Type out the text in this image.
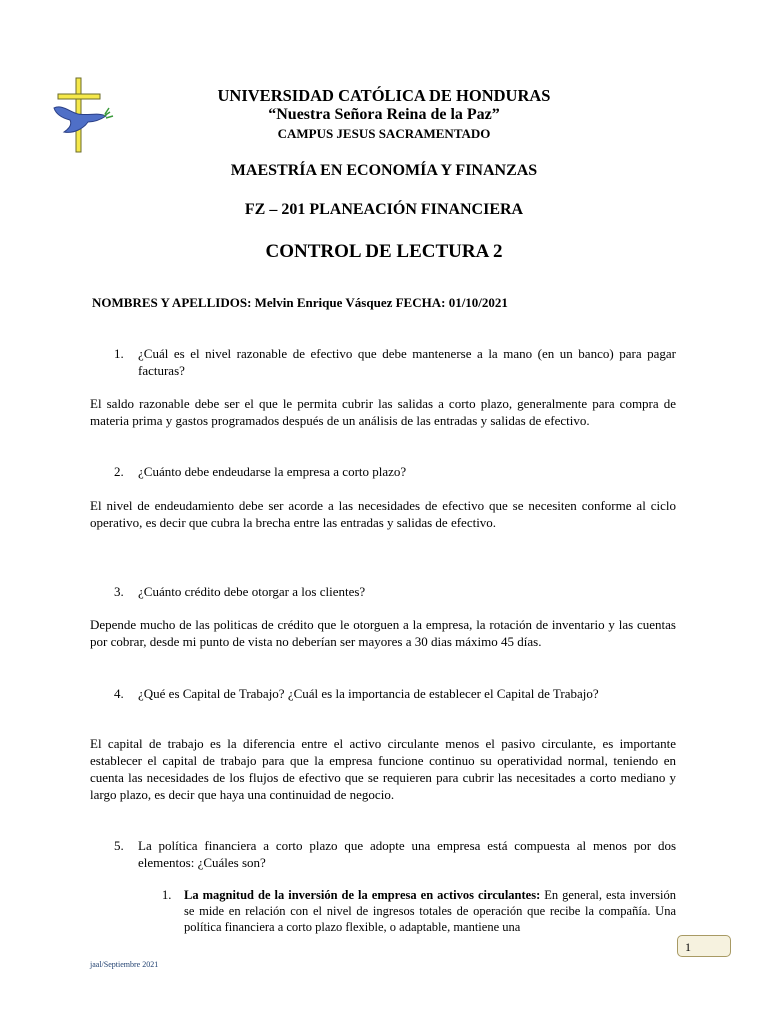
UNIVERSIDAD CATÓLICA DE HONDURAS
“Nuestra Señora Reina de la Paz”
CAMPUS JESUS SACRAMENTADO
MAESTRÍA EN ECONOMÍA Y FINANZAS
FZ – 201 PLANEACIÓN FINANCIERA
CONTROL DE LECTURA 2
NOMBRES Y APELLIDOS: Melvin Enrique Vásquez FECHA: 01/10/2021
1. ¿Cuál es el nivel razonable de efectivo que debe mantenerse a la mano (en un banco) para pagar facturas?
El saldo razonable debe ser el que le permita cubrir las salidas a corto plazo, generalmente para compra de materia prima y gastos programados después de un análisis de las entradas y salidas de efectivo.
2. ¿Cuánto debe endeudarse la empresa a corto plazo?
El nivel de endeudamiento debe ser acorde a las necesidades de efectivo que se necesiten conforme al ciclo operativo, es decir que cubra la brecha entre las entradas y salidas de efectivo.
3. ¿Cuánto crédito debe otorgar a los clientes?
Depende mucho de las politicas de crédito que le otorguen a la empresa, la rotación de inventario y las cuentas por cobrar, desde mi punto de vista no deberían ser mayores a 30 dias máximo 45 días.
4. ¿Qué es Capital de Trabajo? ¿Cuál es la importancia de establecer el Capital de Trabajo?
El capital de trabajo es la diferencia entre el activo circulante menos el pasivo circulante, es importante establecer el capital de trabajo para que la empresa funcione continuo su operatividad normal, teniendo en cuenta las necesidades de los flujos de efectivo que se requieren para cubrir las necesitades a corto mediano y largo plazo, es decir que haya una continuidad de negocio.
5. La política financiera a corto plazo que adopte una empresa está compuesta al menos por dos elementos: ¿Cuáles son?
1. La magnitud de la inversión de la empresa en activos circulantes: En general, esta inversión se mide en relación con el nivel de ingresos totales de operación que recibe la compañía. Una política financiera a corto plazo flexible, o adaptable, mantiene una
jaal/Septiembre 2021
1
